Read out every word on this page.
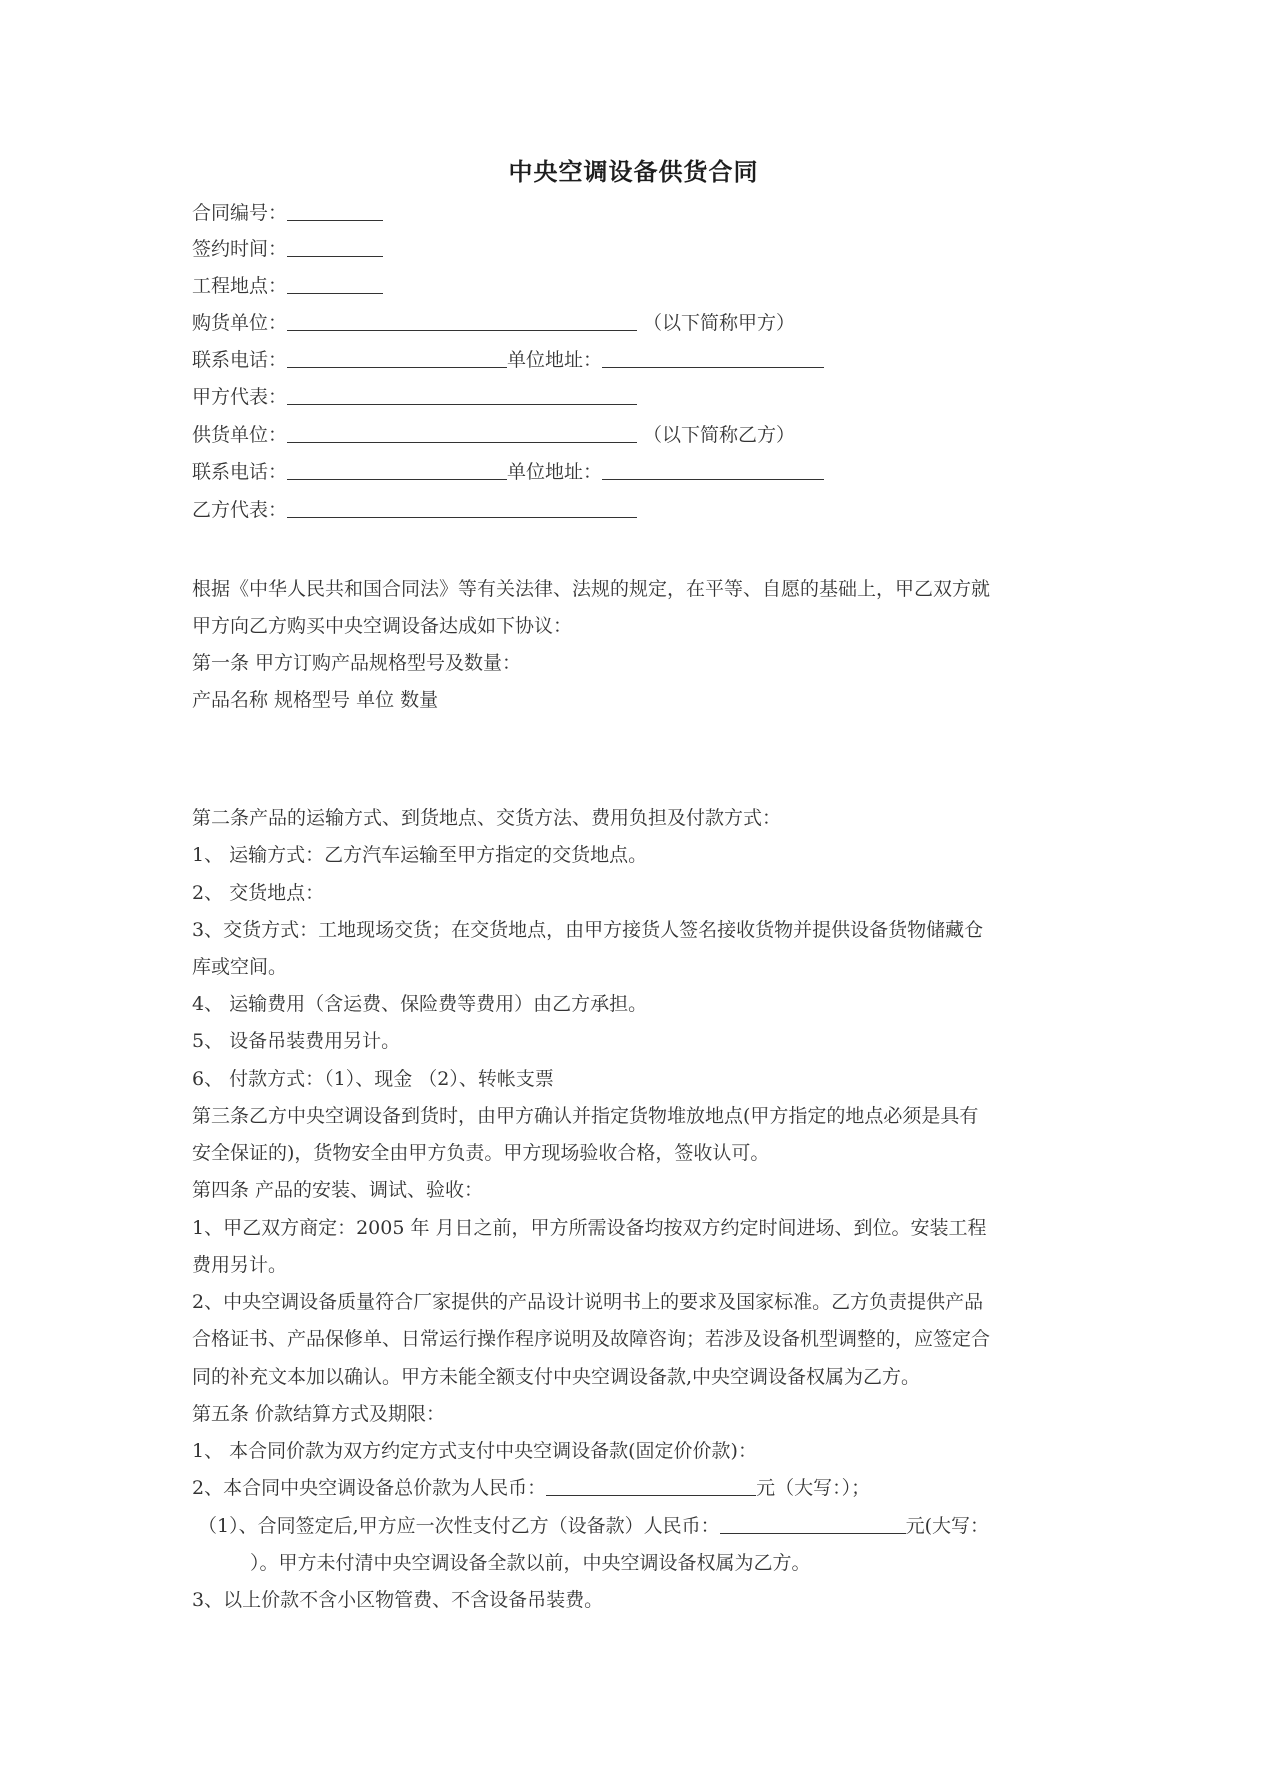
中央空调设备供货合同
合同编号：
签约时间：
工程地点：
购货单位：	（以下简称甲方）
联系电话：	单位地址：
甲方代表：
供货单位：	（以下简称乙方）
联系电话：	单位地址：
乙方代表：
根据《中华人民共和国合同法》等有关法律、法规的规定，在平等、自愿的基础上，甲乙双方就
甲方向乙方购买中央空调设备达成如下协议：
第一条 甲方订购产品规格型号及数量：
产品名称 规格型号 单位 数量
第二条产品的运输方式、到货地点、交货方法、费用负担及付款方式：
1、 运输方式：乙方汽车运输至甲方指定的交货地点。
2、 交货地点：
3、交货方式：工地现场交货；在交货地点，由甲方接货人签名接收货物并提供设备货物储藏仓
库或空间。
4、 运输费用（含运费、保险费等费用）由乙方承担。
5、 设备吊装费用另计。
6、 付款方式：（1）、现金 （2）、转帐支票
第三条乙方中央空调设备到货时，由甲方确认并指定货物堆放地点(甲方指定的地点必须是具有
安全保证的)，货物安全由甲方负责。甲方现场验收合格，签收认可。
第四条 产品的安装、调试、验收：
1、甲乙双方商定：2005 年 月日之前，甲方所需设备均按双方约定时间进场、到位。安装工程
费用另计。
2、中央空调设备质量符合厂家提供的产品设计说明书上的要求及国家标准。乙方负责提供产品
合格证书、产品保修单、日常运行操作程序说明及故障咨询；若涉及设备机型调整的，应签定合
同的补充文本加以确认。甲方未能全额支付中央空调设备款,中央空调设备权属为乙方。
第五条 价款结算方式及期限：
1、 本合同价款为双方约定方式支付中央空调设备款(固定价价款)：
2、本合同中央空调设备总价款为人民币：	元（大写：）；
（1）、合同签定后,甲方应一次性支付乙方（设备款）人民币：	元(大写：
）。甲方未付清中央空调设备全款以前，中央空调设备权属为乙方。
3、以上价款不含小区物管费、不含设备吊装费。
